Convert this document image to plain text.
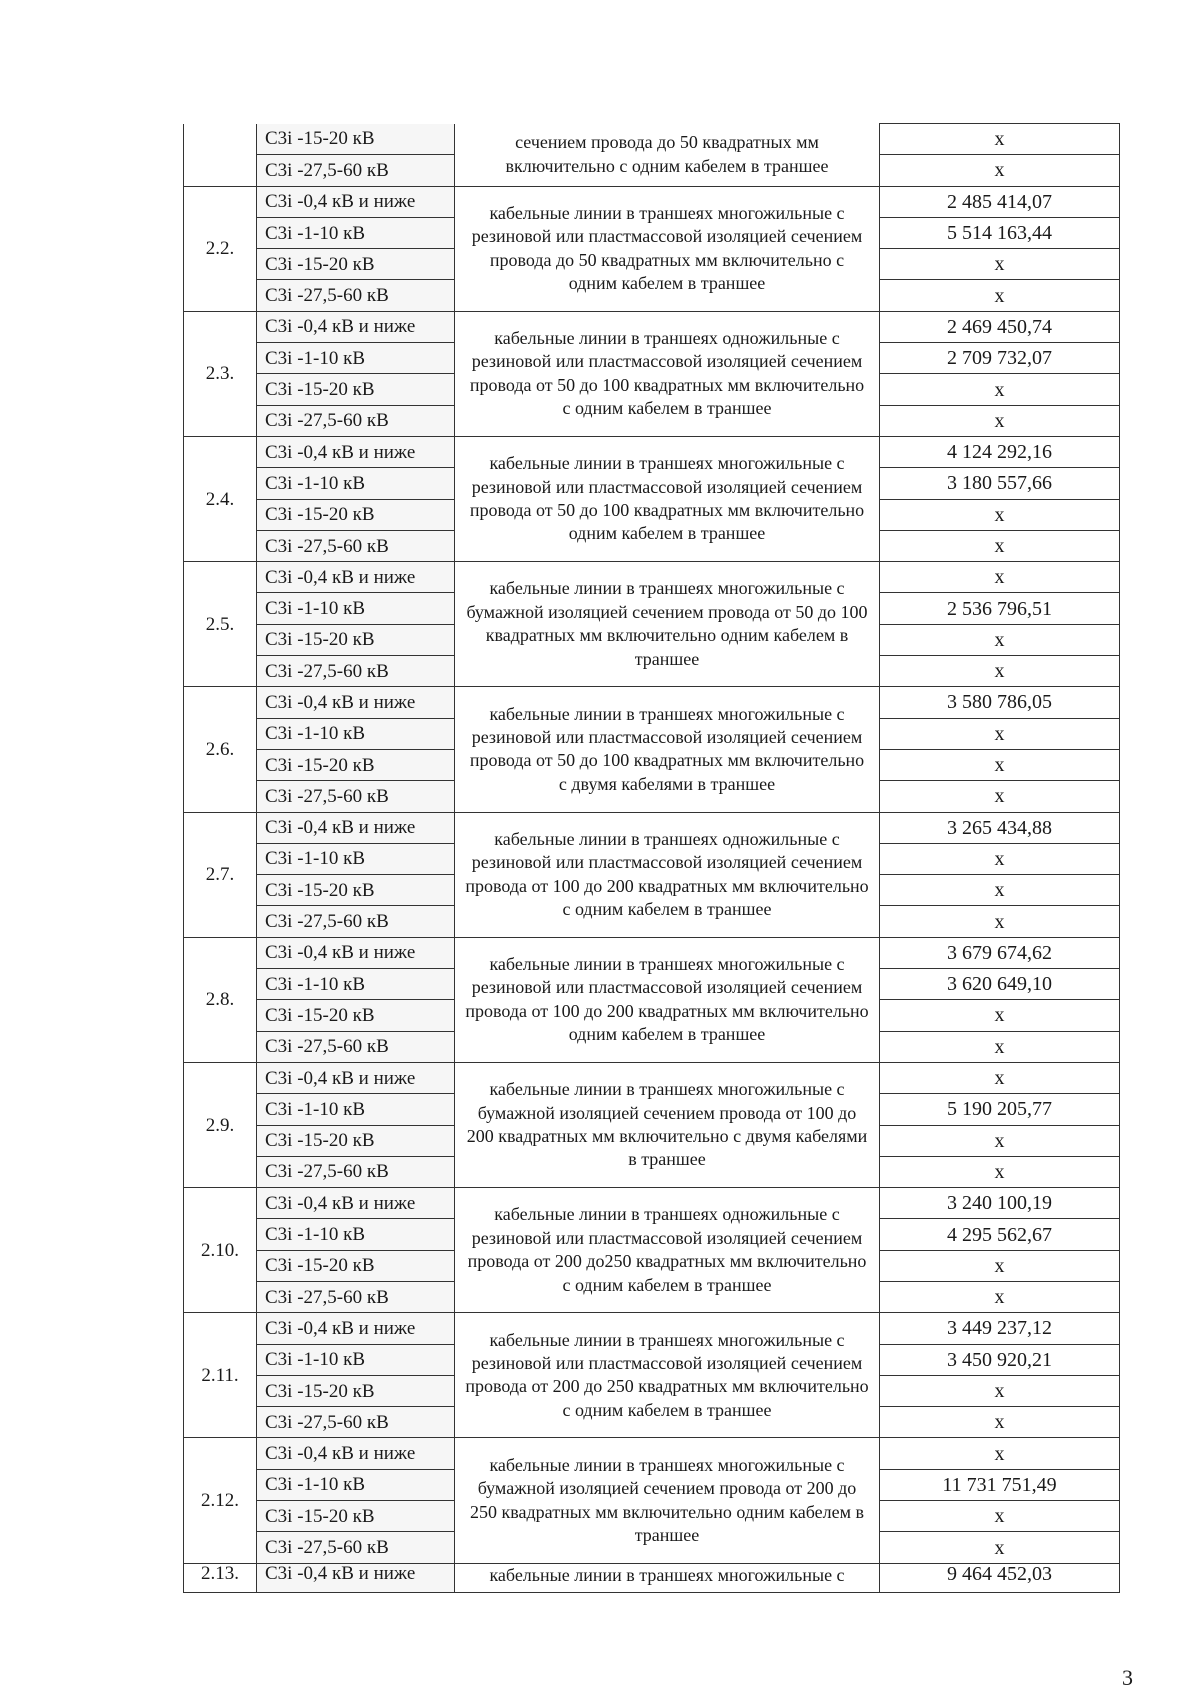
	С3і -15-20 кВ	сечением провода до 50 квадратных мм включительно с одним кабелем в траншее	х
	С3і -27,5-60 кВ		х
2.2.	С3і -0,4 кВ и ниже	кабельные линии в траншеях многожильные с резиновой или пластмассовой изоляцией сечением провода до 50 квадратных мм включительно с одним кабелем в траншее	2 485 414,07
	С3і -1-10 кВ		5 514 163,44
	С3і -15-20 кВ		х
	С3і -27,5-60 кВ		х
2.3.	С3і -0,4 кВ и ниже	кабельные линии в траншеях одножильные с резиновой или пластмассовой изоляцией сечением провода от 50 до 100 квадратных мм включительно с одним кабелем в траншее	2 469 450,74
	С3і -1-10 кВ		2 709 732,07
	С3і -15-20 кВ		х
	С3і -27,5-60 кВ		х
2.4.	С3і -0,4 кВ и ниже	кабельные линии в траншеях многожильные с резиновой или пластмассовой изоляцией сечением провода от 50 до 100 квадратных мм включительно одним кабелем в траншее	4 124 292,16
	С3і -1-10 кВ		3 180 557,66
	С3і -15-20 кВ		х
	С3і -27,5-60 кВ		х
2.5.	С3і -0,4 кВ и ниже	кабельные линии в траншеях многожильные с бумажной изоляцией сечением провода от 50 до 100 квадратных мм включительно одним кабелем в траншее	х
	С3і -1-10 кВ		2 536 796,51
	С3і -15-20 кВ		х
	С3і -27,5-60 кВ		х
2.6.	С3і -0,4 кВ и ниже	кабельные линии в траншеях многожильные с резиновой или пластмассовой изоляцией сечением провода от 50 до 100 квадратных мм включительно с двумя кабелями в траншее	3 580 786,05
	С3і -1-10 кВ		х
	С3і -15-20 кВ		х
	С3і -27,5-60 кВ		х
2.7.	С3і -0,4 кВ и ниже	кабельные линии в траншеях одножильные с резиновой или пластмассовой изоляцией сечением провода от 100 до 200 квадратных мм включительно с одним кабелем в траншее	3 265 434,88
	С3і -1-10 кВ		х
	С3і -15-20 кВ		х
	С3і -27,5-60 кВ		х
2.8.	С3і -0,4 кВ и ниже	кабельные линии в траншеях многожильные с резиновой или пластмассовой изоляцией сечением провода от 100 до 200 квадратных мм включительно одним кабелем в траншее	3 679 674,62
	С3і -1-10 кВ		3 620 649,10
	С3і -15-20 кВ		х
	С3і -27,5-60 кВ		х
2.9.	С3і -0,4 кВ и ниже	кабельные линии в траншеях многожильные с бумажной изоляцией сечением провода от 100 до 200 квадратных мм включительно с двумя кабелями в траншее	х
	С3і -1-10 кВ		5 190 205,77
	С3і -15-20 кВ		х
	С3і -27,5-60 кВ		х
2.10.	С3і -0,4 кВ и ниже	кабельные линии в траншеях одножильные с резиновой или пластмассовой изоляцией сечением провода от 200 до250 квадратных мм включительно с одним кабелем в траншее	3 240 100,19
	С3і -1-10 кВ		4 295 562,67
	С3і -15-20 кВ		х
	С3і -27,5-60 кВ		х
2.11.	С3і -0,4 кВ и ниже	кабельные линии в траншеях многожильные с резиновой или пластмассовой изоляцией сечением провода от 200 до 250 квадратных мм включительно с одним кабелем в траншее	3 449 237,12
	С3і -1-10 кВ		3 450 920,21
	С3і -15-20 кВ		х
	С3і -27,5-60 кВ		х
2.12.	С3і -0,4 кВ и ниже	кабельные линии в траншеях многожильные с бумажной изоляцией сечением провода от 200 до 250 квадратных мм включительно одним кабелем в траншее	х
	С3і -1-10 кВ		11 731 751,49
	С3і -15-20 кВ		х
	С3і -27,5-60 кВ		х
2.13.	С3і -0,4 кВ и ниже	кабельные линии в траншеях многожильные с	9 464 452,03
3
